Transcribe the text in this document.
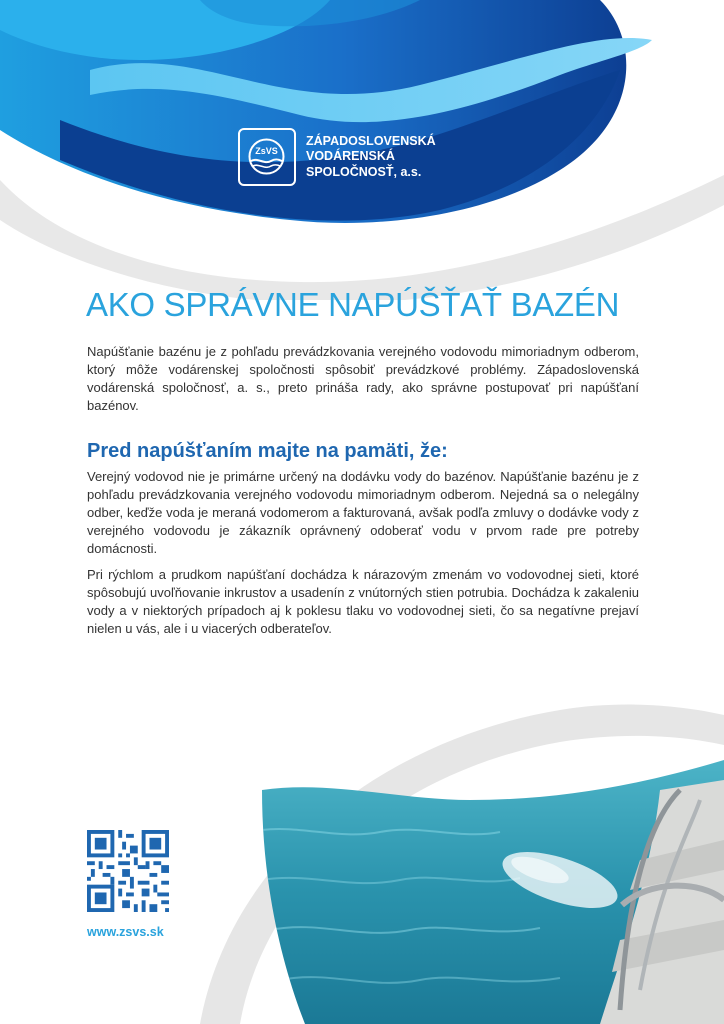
ZsVS
ZÁPADOSLOVENSKÁ
VODÁRENSKÁ
SPOLOČNOSŤ, a.s.
AKO SPRÁVNE NAPÚŠŤAŤ BAZÉN

Napúšťanie bazénu je z pohľadu prevádzkovania verejného vodovodu mimoriadnym odberom, ktorý môže vodárenskej spoločnosti spôsobiť prevádzkové problémy. Západoslovenská vodárenská spoločnosť, a. s., preto prináša rady, ako správne postupovať pri napúšťaní bazénov.

Pred napúšťaním majte na pamäti, že:

Verejný vodovod nie je primárne určený na dodávku vody do bazénov. Napúšťanie bazénu je z pohľadu prevádzkovania verejného vodovodu mimoriadnym odberom. Nejedná sa o nelegálny odber, keďže voda je meraná vodomerom a fakturovaná, avšak podľa zmluvy o dodávke vody z verejného vodovodu je zákazník oprávnený odoberať vodu v prvom rade pre potreby domácnosti.

Pri rýchlom a prudkom napúšťaní dochádza k nárazovým zmenám vo vodovodnej sieti, ktoré spôsobujú uvoľňovanie inkrustov a usadenín z vnútorných stien potrubia. Dochádza k zakaleniu vody a v niektorých prípadoch aj k poklesu tlaku vo vodovodnej sieti, čo sa negatívne prejaví nielen u vás, ale i u viacerých odberateľov.

www.zsvs.sk
